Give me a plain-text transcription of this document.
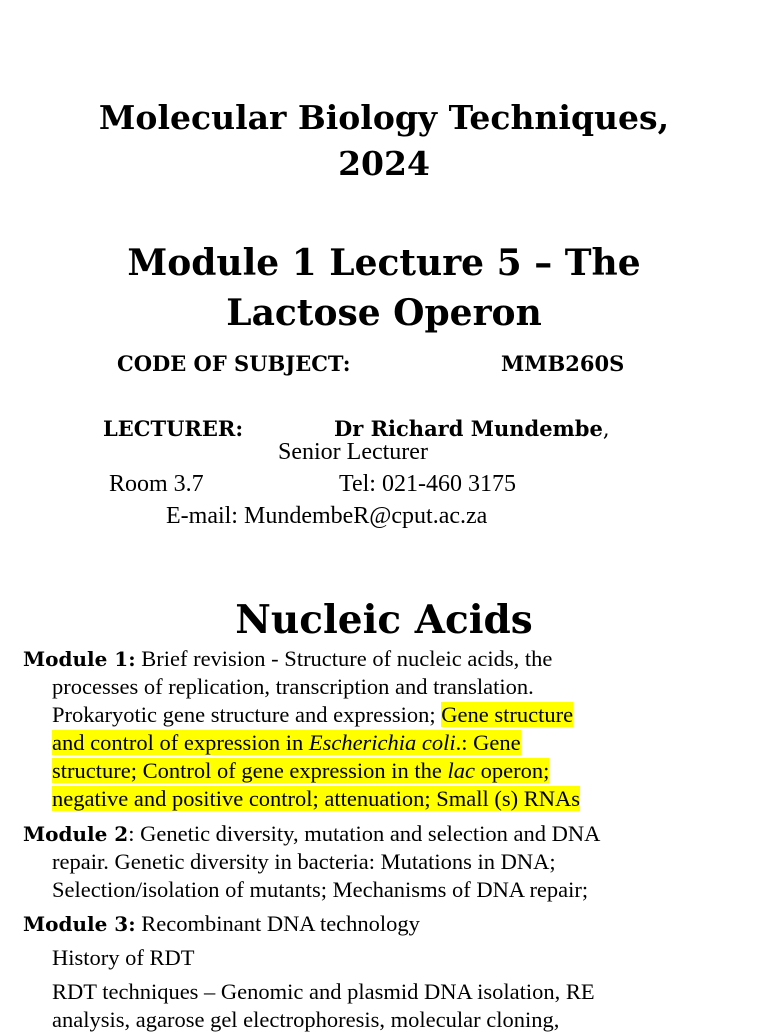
Molecular Biology Techniques,
2024
Module 1 Lecture 5 – The
Lactose Operon
CODE OF SUBJECT:	MMB260S
LECTURER:	Dr Richard Mundembe,
Senior Lecturer
Room 3.7	Tel: 021-460 3175
E-mail: MundembeR@cput.ac.za
Nucleic Acids
Module 1: Brief revision - Structure of nucleic acids, the
processes of replication, transcription and translation.
Prokaryotic gene structure and expression; Gene structure
and control of expression in Escherichia coli.: Gene
structure; Control of gene expression in the lac operon;
negative and positive control; attenuation; Small (s) RNAs
Module 2: Genetic diversity, mutation and selection and DNA
repair. Genetic diversity in bacteria: Mutations in DNA;
Selection/isolation of mutants; Mechanisms of DNA repair;
Module 3: Recombinant DNA technology
History of RDT
RDT techniques – Genomic and plasmid DNA isolation, RE
analysis, agarose gel electrophoresis, molecular cloning,
